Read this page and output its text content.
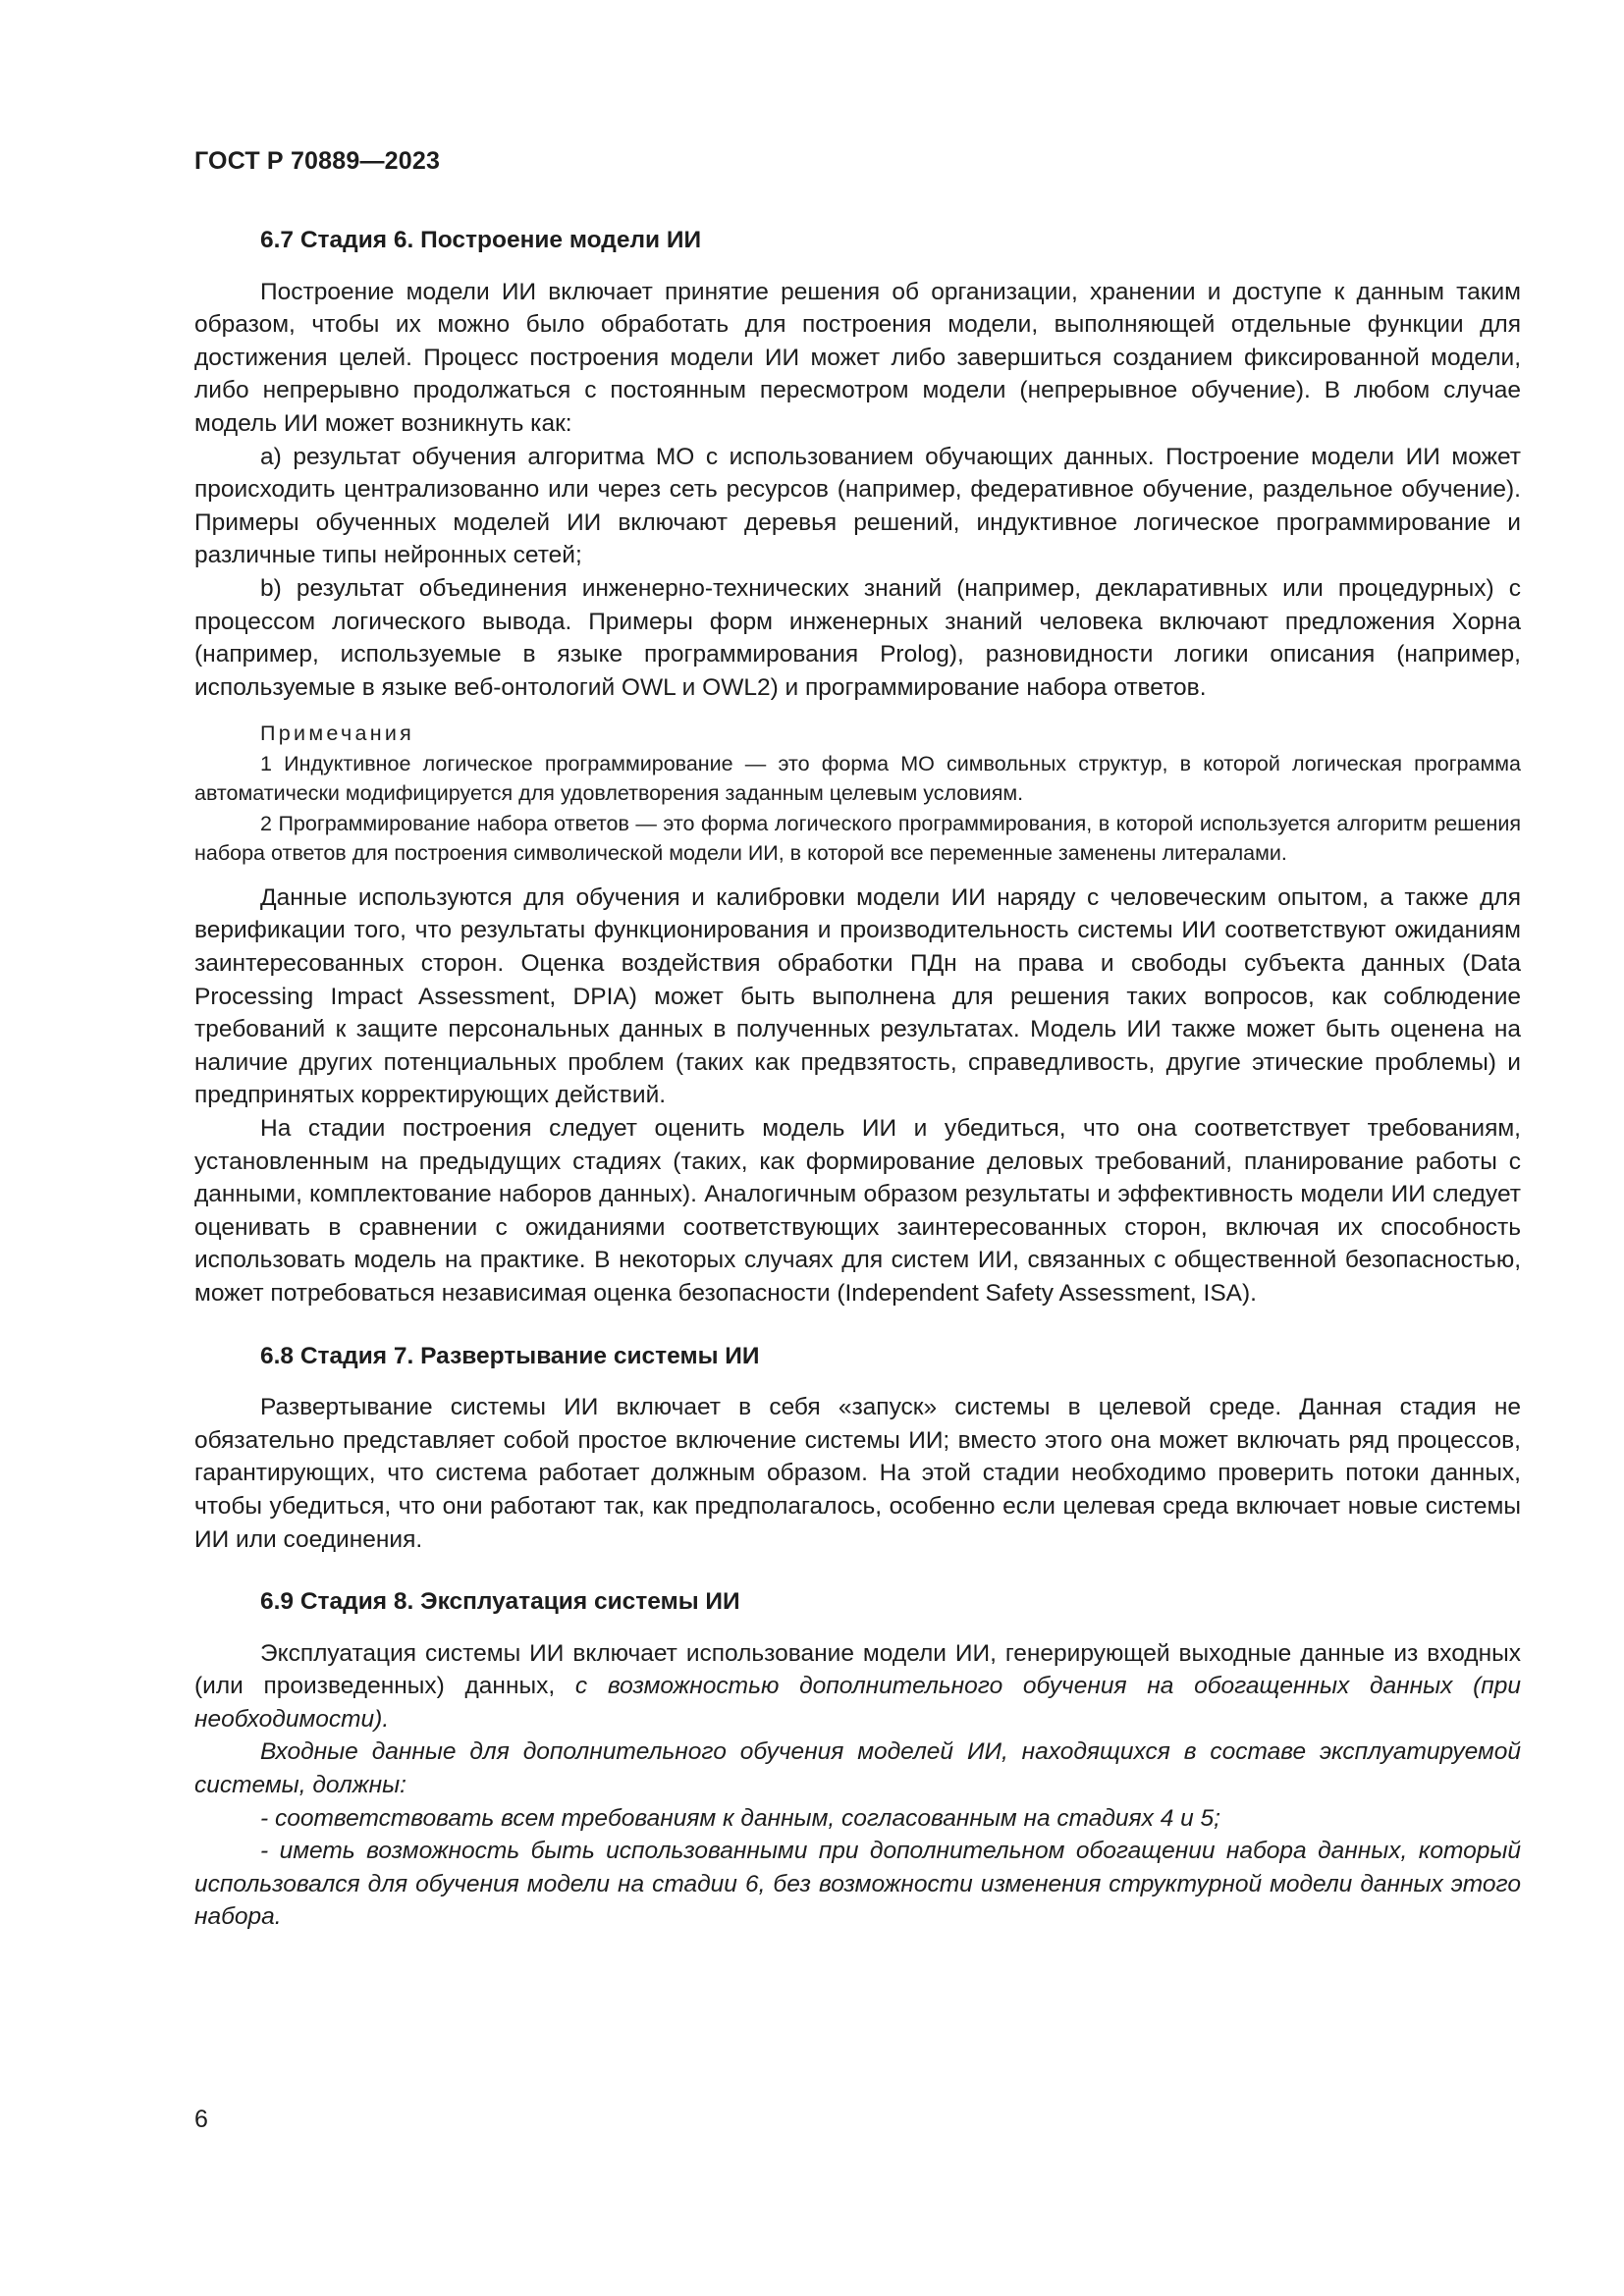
ГОСТ Р 70889—2023
6.7 Стадия 6. Построение модели ИИ

Построение модели ИИ включает принятие решения об организации, хранении и доступе к данным таким образом, чтобы их можно было обработать для построения модели, выполняющей отдельные функции для достижения целей. Процесс построения модели ИИ может либо завершиться созданием фиксированной модели, либо непрерывно продолжаться с постоянным пересмотром модели (непрерывное обучение). В любом случае модель ИИ может возникнуть как:

a) результат обучения алгоритма МО с использованием обучающих данных. Построение модели ИИ может происходить централизованно или через сеть ресурсов (например, федеративное обучение, раздельное обучение). Примеры обученных моделей ИИ включают деревья решений, индуктивное логическое программирование и различные типы нейронных сетей;

b) результат объединения инженерно-технических знаний (например, декларативных или процедурных) с процессом логического вывода. Примеры форм инженерных знаний человека включают предложения Хорна (например, используемые в языке программирования Prolog), разновидности логики описания (например, используемые в языке веб-онтологий OWL и OWL2) и программирование набора ответов.

Примечания

1 Индуктивное логическое программирование — это форма МО символьных структур, в которой логическая программа автоматически модифицируется для удовлетворения заданным целевым условиям.

2 Программирование набора ответов — это форма логического программирования, в которой используется алгоритм решения набора ответов для построения символической модели ИИ, в которой все переменные заменены литералами.

Данные используются для обучения и калибровки модели ИИ наряду с человеческим опытом, а также для верификации того, что результаты функционирования и производительность системы ИИ соответствуют ожиданиям заинтересованных сторон. Оценка воздействия обработки ПДн на права и свободы субъекта данных (Data Processing Impact Assessment, DPIA) может быть выполнена для решения таких вопросов, как соблюдение требований к защите персональных данных в полученных результатах. Модель ИИ также может быть оценена на наличие других потенциальных проблем (таких как предвзятость, справедливость, другие этические проблемы) и предпринятых корректирующих действий.

На стадии построения следует оценить модель ИИ и убедиться, что она соответствует требованиям, установленным на предыдущих стадиях (таких, как формирование деловых требований, планирование работы с данными, комплектование наборов данных). Аналогичным образом результаты и эффективность модели ИИ следует оценивать в сравнении с ожиданиями соответствующих заинтересованных сторон, включая их способность использовать модель на практике. В некоторых случаях для систем ИИ, связанных с общественной безопасностью, может потребоваться независимая оценка безопасности (Independent Safety Assessment, ISA).

6.8 Стадия 7. Развертывание системы ИИ

Развертывание системы ИИ включает в себя «запуск» системы в целевой среде. Данная стадия не обязательно представляет собой простое включение системы ИИ; вместо этого она может включать ряд процессов, гарантирующих, что система работает должным образом. На этой стадии необходимо проверить потоки данных, чтобы убедиться, что они работают так, как предполагалось, особенно если целевая среда включает новые системы ИИ или соединения.

6.9 Стадия 8. Эксплуатация системы ИИ

Эксплуатация системы ИИ включает использование модели ИИ, генерирующей выходные данные из входных (или произведенных) данных, с возможностью дополнительного обучения на обогащенных данных (при необходимости).

Входные данные для дополнительного обучения моделей ИИ, находящихся в составе эксплуатируемой системы, должны:

- соответствовать всем требованиям к данным, согласованным на стадиях 4 и 5;

- иметь возможность быть использованными при дополнительном обогащении набора данных, который использовался для обучения модели на стадии 6, без возможности изменения структурной модели данных этого набора.

6
